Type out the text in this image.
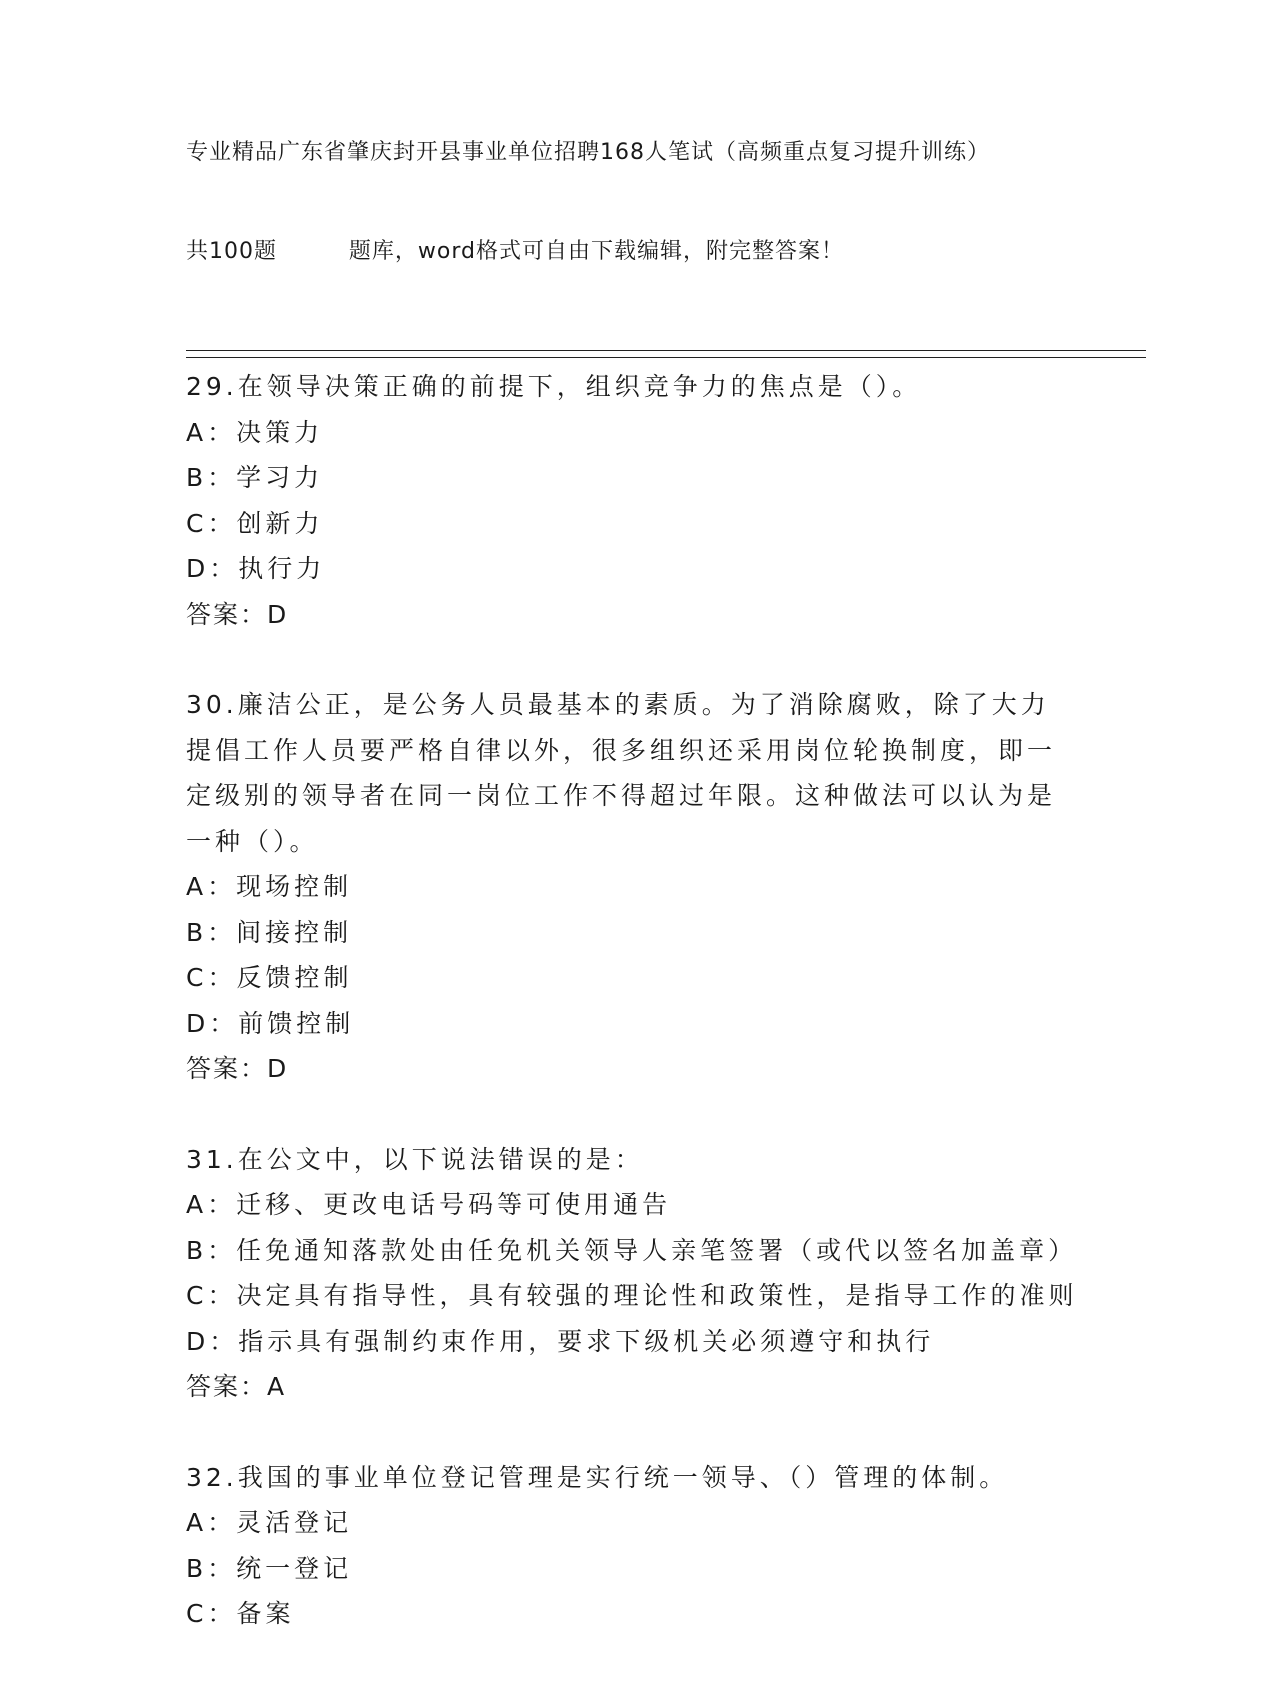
专业精品广东省肇庆封开县事业单位招聘168人笔试（高频重点复习提升训练）

共100题         题库，word格式可自由下载编辑，附完整答案！

29.在领导决策正确的前提下，组织竞争力的焦点是（）。
A：决策力
B：学习力
C：创新力
D：执行力
答案：D
30.廉洁公正，是公务人员最基本的素质。为了消除腐败，除了大力提倡工作人员要严格自律以外，很多组织还采用岗位轮换制度，即一定级别的领导者在同一岗位工作不得超过年限。这种做法可以认为是一种（）。
A：现场控制
B：间接控制
C：反馈控制
D：前馈控制
答案：D
31.在公文中，以下说法错误的是：
A：迁移、更改电话号码等可使用通告
B：任免通知落款处由任免机关领导人亲笔签署（或代以签名加盖章）
C：决定具有指导性，具有较强的理论性和政策性，是指导工作的准则
D：指示具有强制约束作用，要求下级机关必须遵守和执行
答案：A
32.我国的事业单位登记管理是实行统一领导、（）管理的体制。
A：灵活登记
B：统一登记
C：备案
